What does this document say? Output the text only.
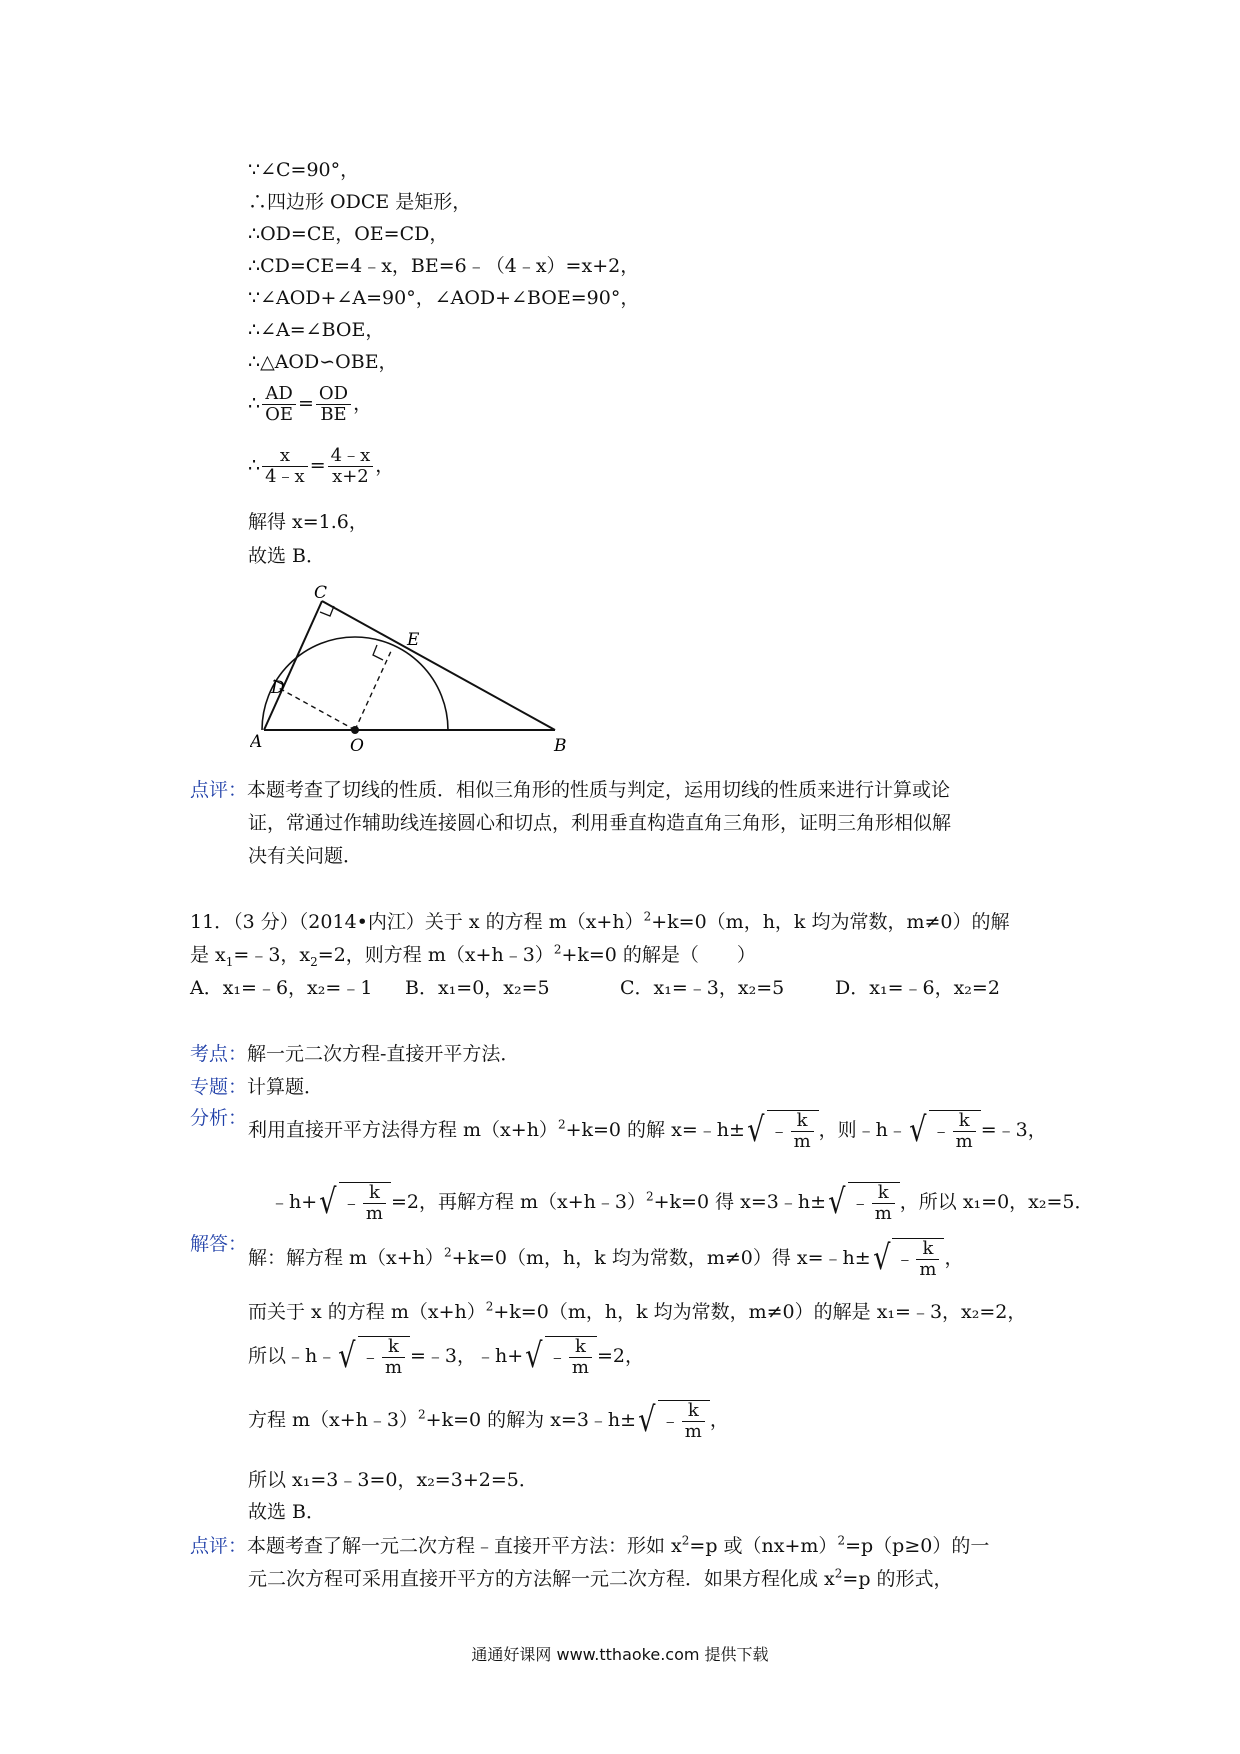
∵∠C=90°，
∴四边形 ODCE 是矩形，
∴OD=CE，OE=CD，
∴CD=CE=4﹣x，BE=6﹣（4﹣x）=x+2，
∵∠AOD+∠A=90°，∠AOD+∠BOE=90°，
∴∠A=∠BOE，
∴△AOD∽OBE，
∴ $\frac{AD}{OE} = \frac{OD}{BE}$ ，
∴ $\frac{x}{4﹣x} = \frac{4﹣x}{x+2}$ ，
解得 x=1.6，
故选 B．
C
E
D
A	O	B
点评：本题考查了切线的性质．相似三角形的性质与判定，运用切线的性质来进行计算或论
证，常通过作辅助线连接圆心和切点，利用垂直构造直角三角形，证明三角形相似解
决有关问题．
11．（3 分）（2014•内江）关于 x 的方程 $m(x+h)^2+k=0(m$，h，k 均为常数，m≠0）的解
是 $x_1=﹣3$，$x_2=2$，则方程 m（x+h﹣3）$^2$+k=0 的解是（　　）
A．x₁=﹣6，x₂=﹣1 B．x₁=0，x₂=5	C．x₁=﹣3，x₂=5	D．x₁=﹣6，x₂=2
考点：解一元二次方程-直接开平方法．
专题：计算题．
分析：
利用直接开平方法得方程 $m(x+h)^2+k=0$ 的解 x=﹣h± √ ﹣ $\frac{k}{m}$ ，则﹣h﹣ √ ﹣ $\frac{k}{m}$ =﹣3，
﹣h+ √ ﹣ $\frac{k}{m} =2$，再解方程 m（x+h﹣3）$^2$+k=0 得 x=3﹣h± √ ﹣ $\frac{k}{m}$ ，所以 x₁=0，x₂=5．
解答：
解：解方程 $m(x+h)^2+k=0(m$，h，k 均为常数，m≠0）得 x=﹣h± √ ﹣ $\frac{k}{m}$ ，
而关于 x 的方程 $m(x+h)^2+k=0(m$，h，k 均为常数，m≠0）的解是 x₁=﹣3，x₂=2，
所以﹣h﹣ √ ﹣ $\frac{k}{m}$ =﹣3，﹣h+ √ ﹣ $\frac{k}{m} =2$，
方程 m（x+h﹣3）$^2$+k=0 的解为 x=3﹣h± √ ﹣ $\frac{k}{m}$ ，
所以 x₁=3﹣3=0，x₂=3+2=5．
故选 B．
点评：本题考查了解一元二次方程﹣直接开平方法：形如 $x^2=p$ 或$(nx+m)^2=p(p\ge 0)$的一
元二次方程可采用直接开平方的方法解一元二次方程．如果方程化成 $x^2=p$ 的形式，
通通好课网 www.tthaoke.com 提供下载
